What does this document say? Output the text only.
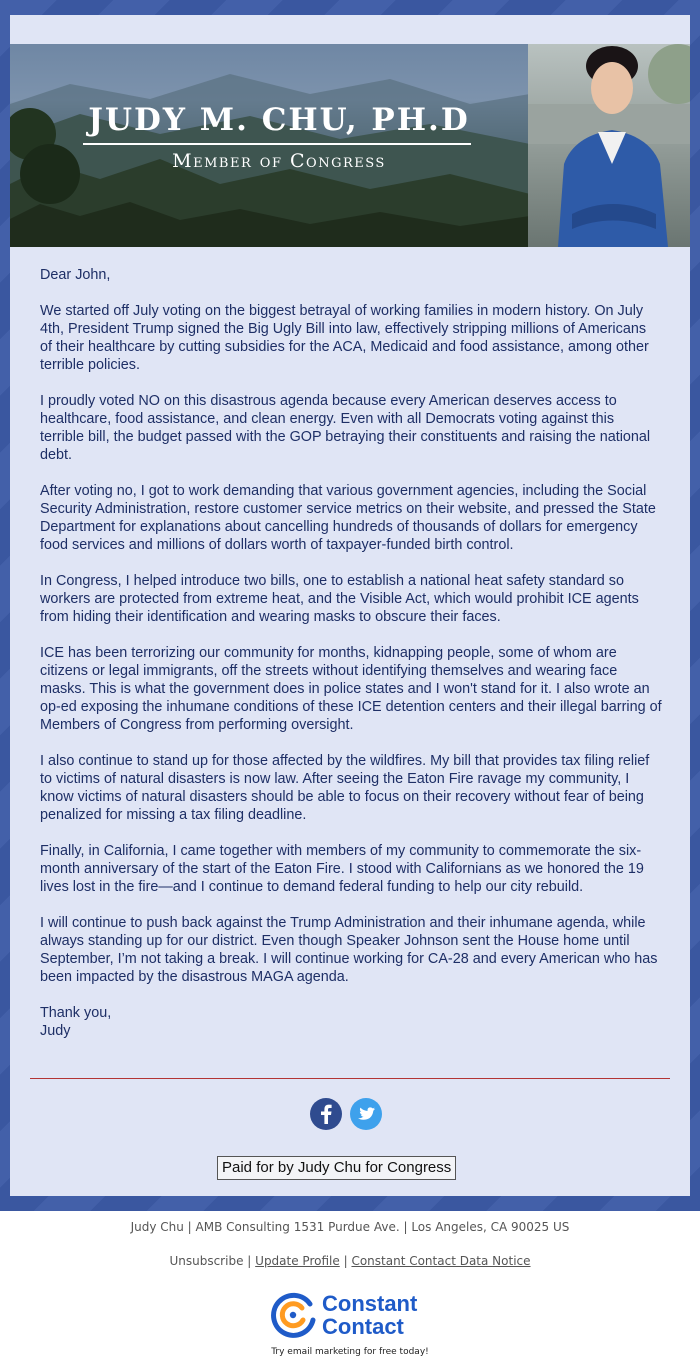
JUDY M. CHU, PH.D
Member of Congress

Dear John,

We started off July voting on the biggest betrayal of working families in modern history. On July 4th, President Trump signed the Big Ugly Bill into law, effectively stripping millions of Americans of their healthcare by cutting subsidies for the ACA, Medicaid and food assistance, among other terrible policies.

I proudly voted NO on this disastrous agenda because every American deserves access to healthcare, food assistance, and clean energy. Even with all Democrats voting against this terrible bill, the budget passed with the GOP betraying their constituents and raising the national debt.

After voting no, I got to work demanding that various government agencies, including the Social Security Administration, restore customer service metrics on their website, and pressed the State Department for explanations about cancelling hundreds of thousands of dollars for emergency food services and millions of dollars worth of taxpayer-funded birth control.

In Congress, I helped introduce two bills, one to establish a national heat safety standard so workers are protected from extreme heat, and the Visible Act, which would prohibit ICE agents from hiding their identification and wearing masks to obscure their faces.

ICE has been terrorizing our community for months, kidnapping people, some of whom are citizens or legal immigrants, off the streets without identifying themselves and wearing face masks. This is what the government does in police states and I won't stand for it. I also wrote an op-ed exposing the inhumane conditions of these ICE detention centers and their illegal barring of Members of Congress from performing oversight.

I also continue to stand up for those affected by the wildfires. My bill that provides tax filing relief to victims of natural disasters is now law. After seeing the Eaton Fire ravage my community, I know victims of natural disasters should be able to focus on their recovery without fear of being penalized for missing a tax filing deadline.

Finally, in California, I came together with members of my community to commemorate the six-month anniversary of the start of the Eaton Fire. I stood with Californians as we honored the 19 lives lost in the fire—and I continue to demand federal funding to help our city rebuild.

I will continue to push back against the Trump Administration and their inhumane agenda, while always standing up for our district. Even though Speaker Johnson sent the House home until September, I’m not taking a break. I will continue working for CA-28 and every American who has been impacted by the disastrous MAGA agenda.

Thank you,
Judy

Paid for by Judy Chu for Congress
Judy Chu | AMB Consulting 1531 Purdue Ave. | Los Angeles, CA 90025 US
Unsubscribe | Update Profile | Constant Contact Data Notice
Constant
Contact
Try email marketing for free today!
